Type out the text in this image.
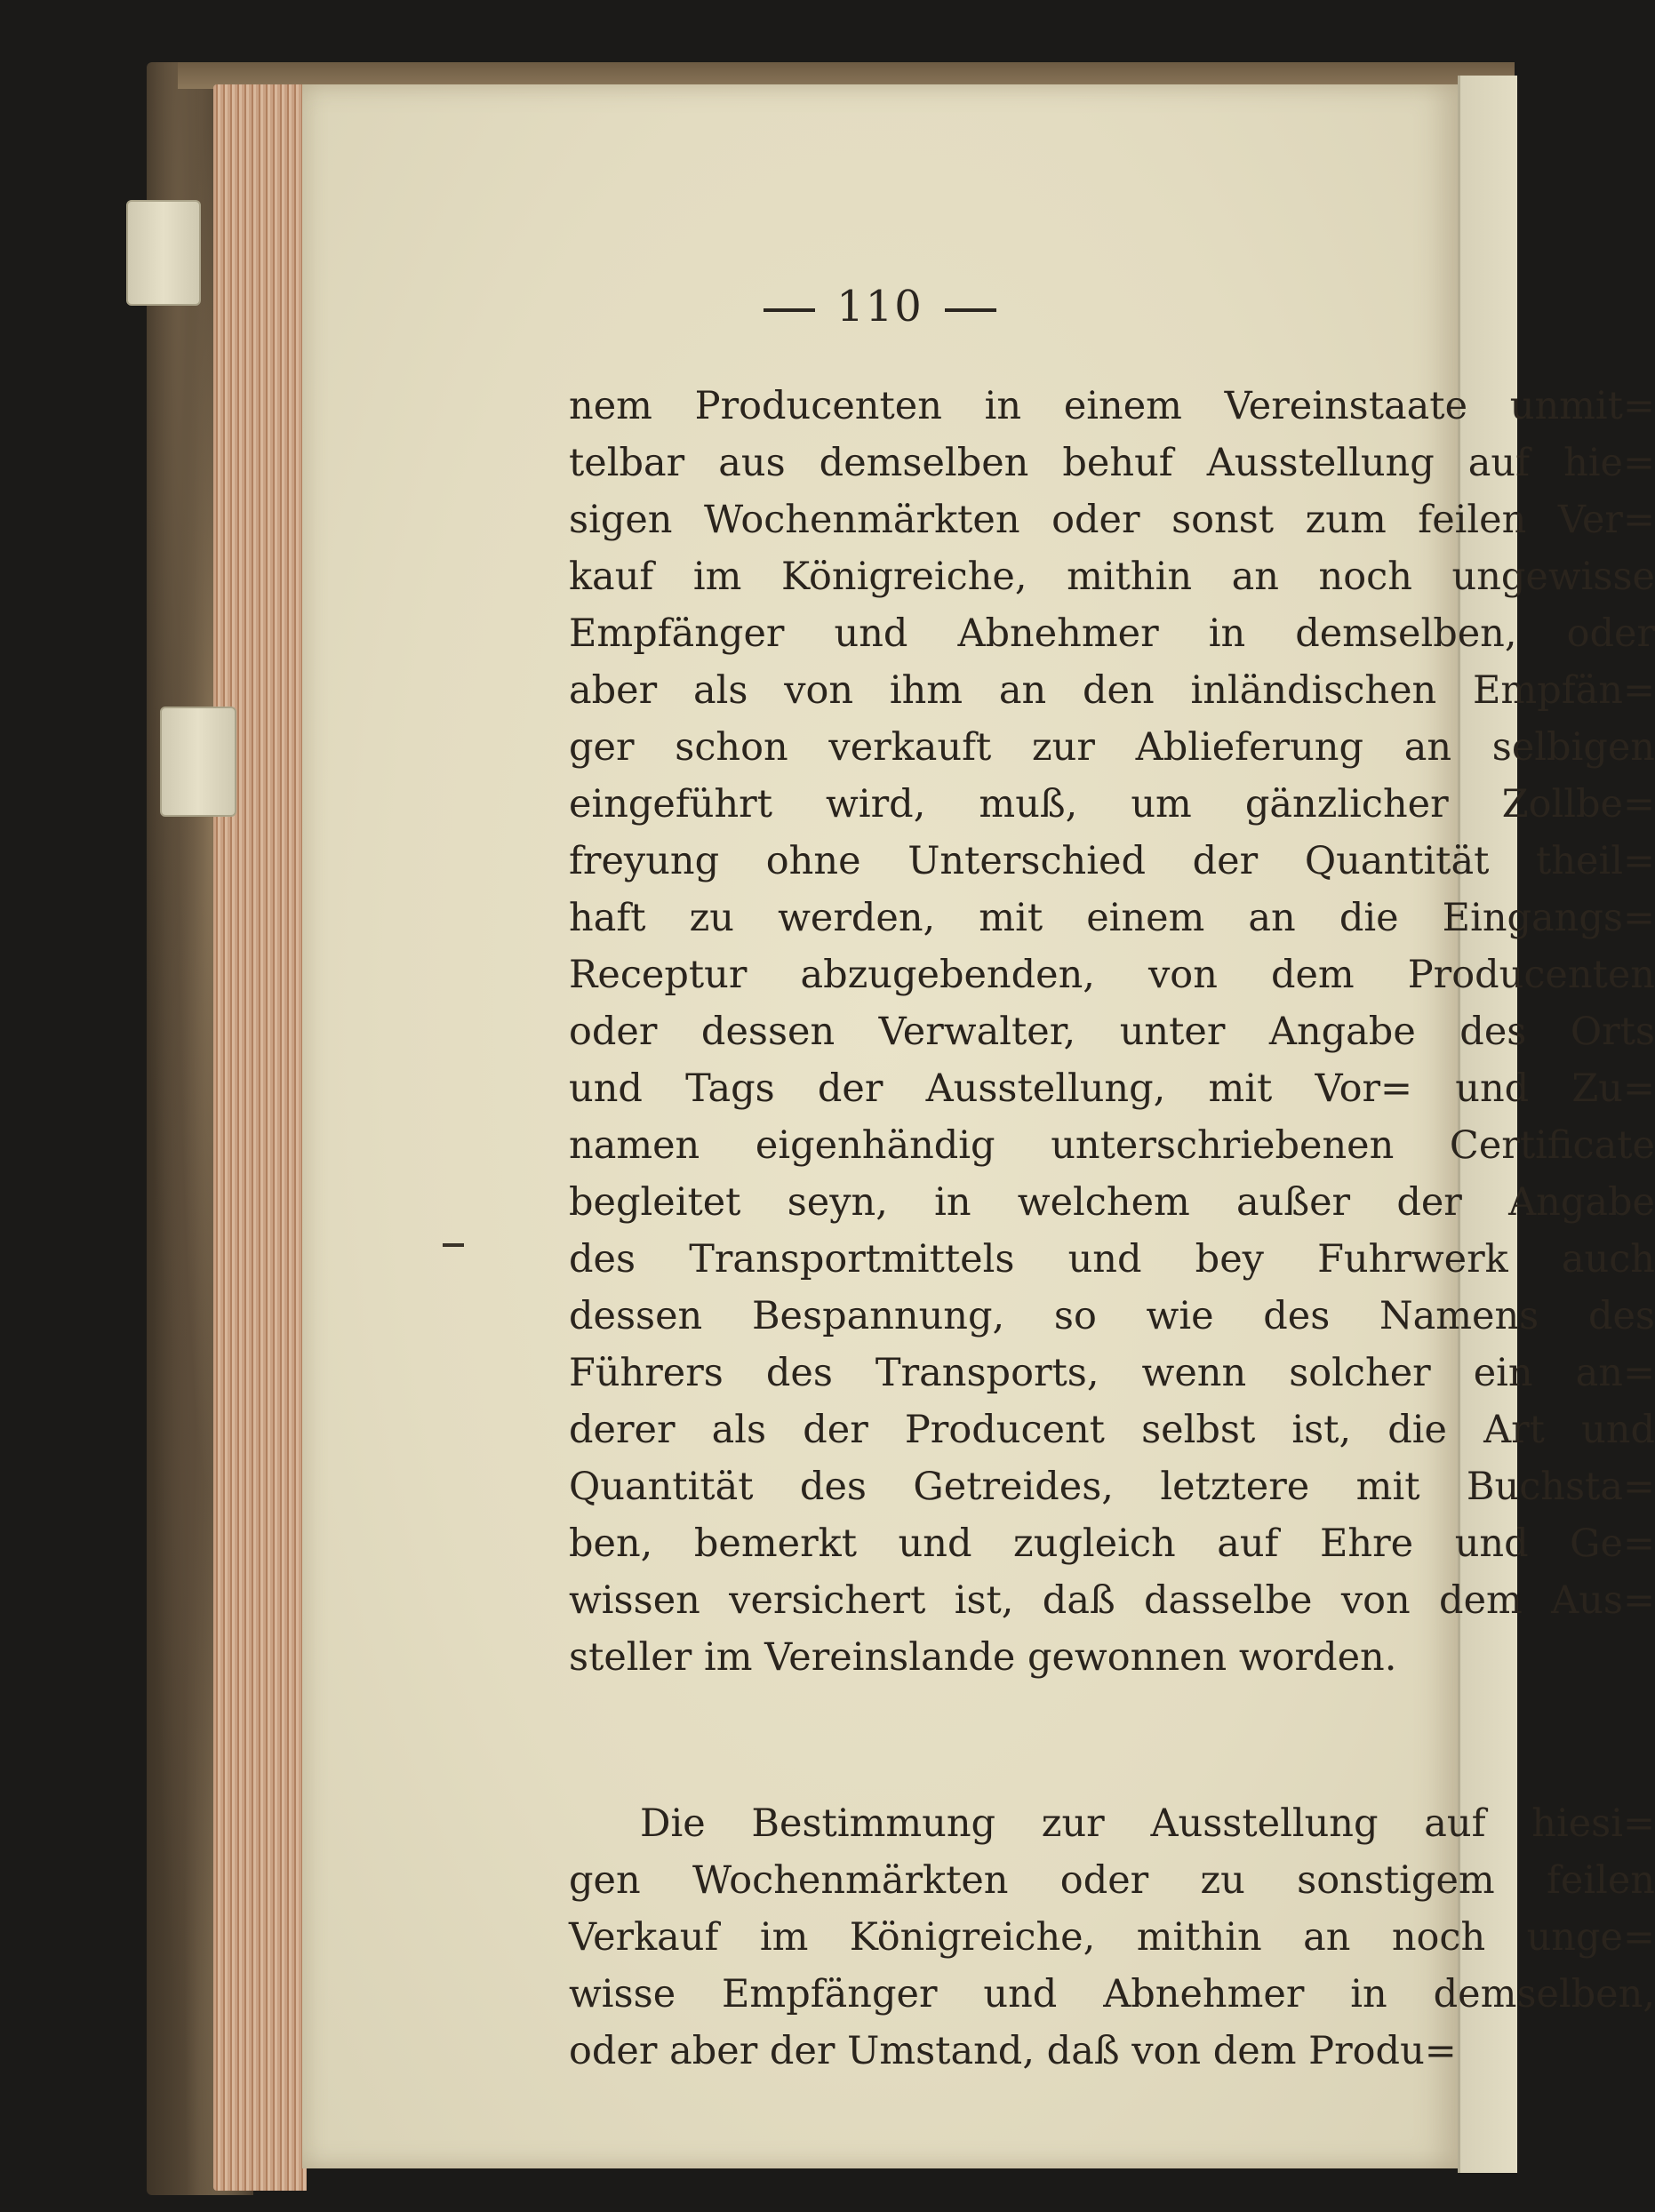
110
nem Producenten in einem Vereinstaate unmit=
telbar aus demselben behuf Ausstellung auf hie=
sigen Wochenmärkten oder sonst zum feilen Ver=
kauf im Königreiche, mithin an noch ungewisse
Empfänger und Abnehmer in demselben, oder
aber als von ihm an den inländischen Empfän=
ger schon verkauft zur Ablieferung an selbigen
eingeführt wird, muß, um gänzlicher Zollbe=
freyung ohne Unterschied der Quantität theil=
haft zu werden, mit einem an die Eingangs=
Receptur abzugebenden, von dem Producenten
oder dessen Verwalter, unter Angabe des Orts
und Tags der Ausstellung, mit Vor= und Zu=
namen eigenhändig unterschriebenen Certificate
begleitet seyn, in welchem außer der Angabe
des Transportmittels und bey Fuhrwerk auch
dessen Bespannung, so wie des Namens des
Führers des Transports, wenn solcher ein an=
derer als der Producent selbst ist, die Art und
Quantität des Getreides, letztere mit Buchsta=
ben, bemerkt und zugleich auf Ehre und Ge=
wissen versichert ist, daß dasselbe von dem Aus=
steller im Vereinslande gewonnen worden.
Die Bestimmung zur Ausstellung auf hiesi=
gen Wochenmärkten oder zu sonstigem feilen
Verkauf im Königreiche, mithin an noch unge=
wisse Empfänger und Abnehmer in demselben,
oder aber der Umstand, daß von dem Produ=
